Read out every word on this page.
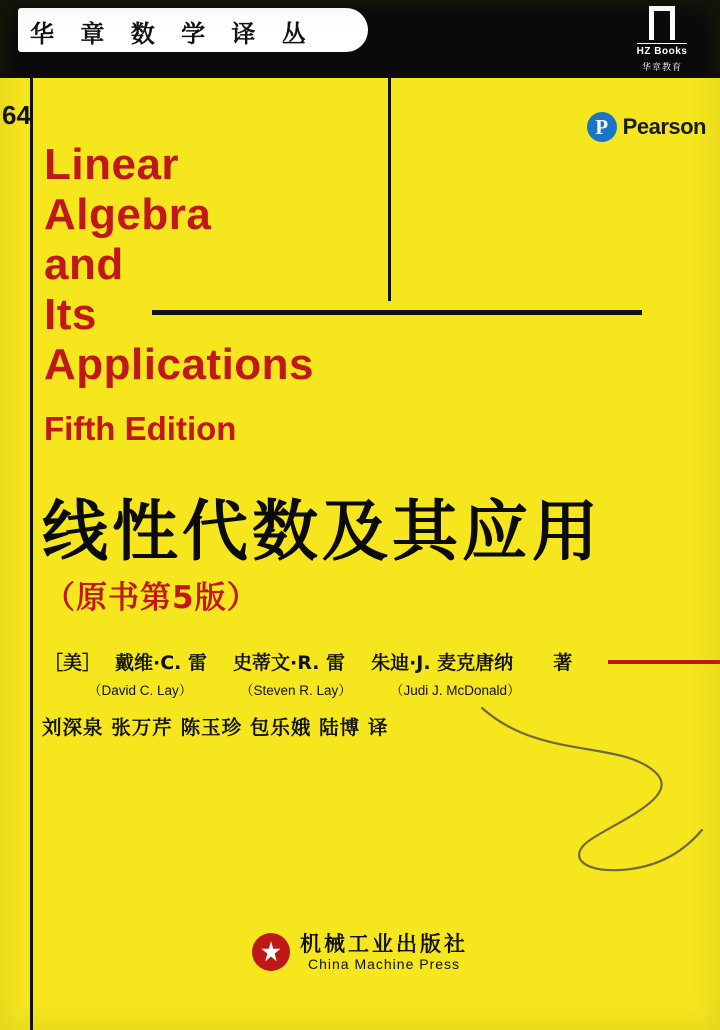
华 章 数 学 译 丛
HZ Books
华章教育
64	P Pearson
Linear
Algebra
and
Its
Applications
Fifth Edition
线性代数及其应用
（原书第5版）
［美］ 戴维·C. 雷 史蒂文·R. 雷 朱迪·J. 麦克唐纳 著
（David C. Lay）	（Steven R. Lay）	（Judi J. McDonald）
刘深泉 张万芹 陈玉珍 包乐娥 陆博 译
机械工业出版社
China Machine Press
